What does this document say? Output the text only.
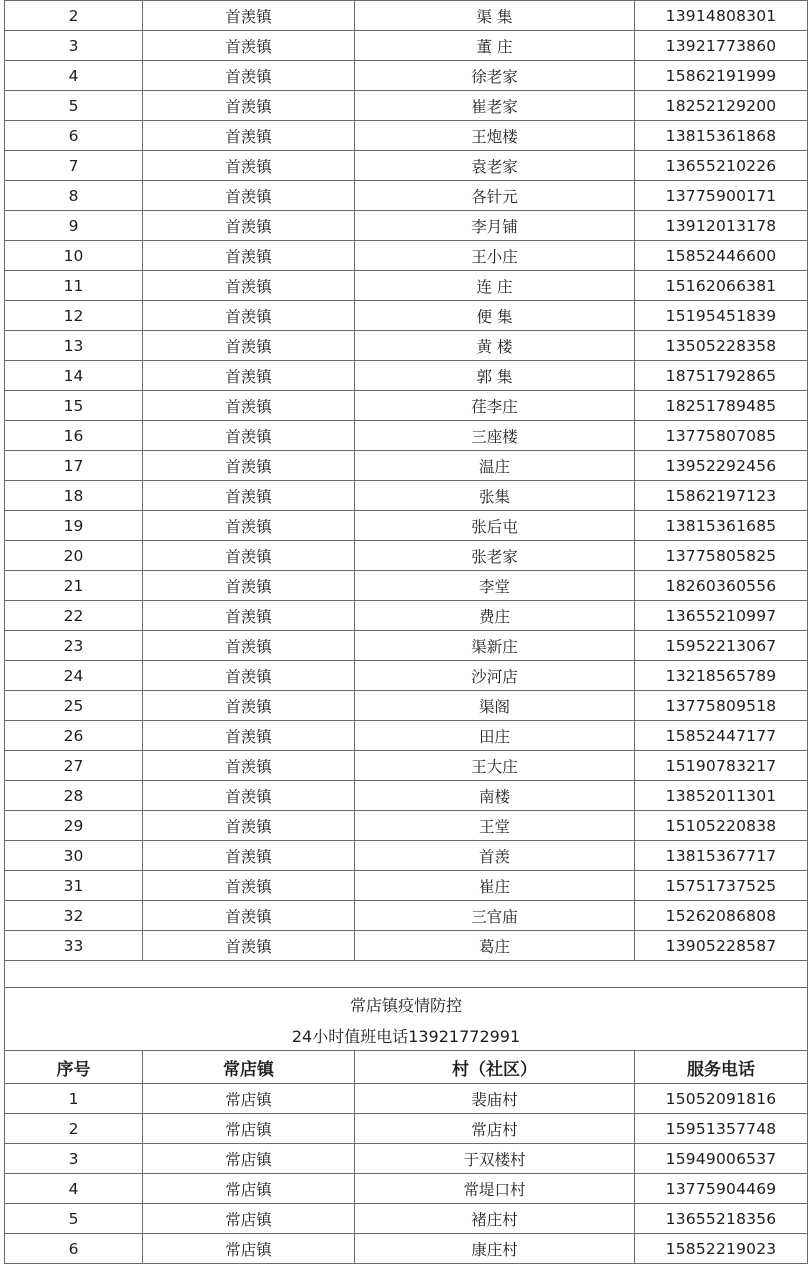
2	首羡镇	渠 集	13914808301
3	首羡镇	董 庄	13921773860
4	首羡镇	徐老家	15862191999
5	首羡镇	崔老家	18252129200
6	首羡镇	王炮楼	13815361868
7	首羡镇	袁老家	13655210226
8	首羡镇	各针元	13775900171
9	首羡镇	李月铺	13912013178
10	首羡镇	王小庄	15852446600
11	首羡镇	连 庄	15162066381
12	首羡镇	便 集	15195451839
13	首羡镇	黄 楼	13505228358
14	首羡镇	郭 集	18751792865
15	首羡镇	荏李庄	18251789485
16	首羡镇	三座楼	13775807085
17	首羡镇	温庄	13952292456
18	首羡镇	张集	15862197123
19	首羡镇	张后屯	13815361685
20	首羡镇	张老家	13775805825
21	首羡镇	李堂	18260360556
22	首羡镇	费庄	13655210997
23	首羡镇	渠新庄	15952213067
24	首羡镇	沙河店	13218565789
25	首羡镇	渠阁	13775809518
26	首羡镇	田庄	15852447177
27	首羡镇	王大庄	15190783217
28	首羡镇	南楼	13852011301
29	首羡镇	王堂	15105220838
30	首羡镇	首羡	13815367717
31	首羡镇	崔庄	15751737525
32	首羡镇	三官庙	15262086808
33	首羡镇	葛庄	13905228587

常店镇疫情防控			
24小时值班电话13921772991			
序号	常店镇	村（社区）	服务电话
1	常店镇	裴庙村	15052091816
2	常店镇	常店村	15951357748
3	常店镇	于双楼村	15949006537
4	常店镇	常堤口村	13775904469
5	常店镇	褚庄村	13655218356
6	常店镇	康庄村	15852219023
